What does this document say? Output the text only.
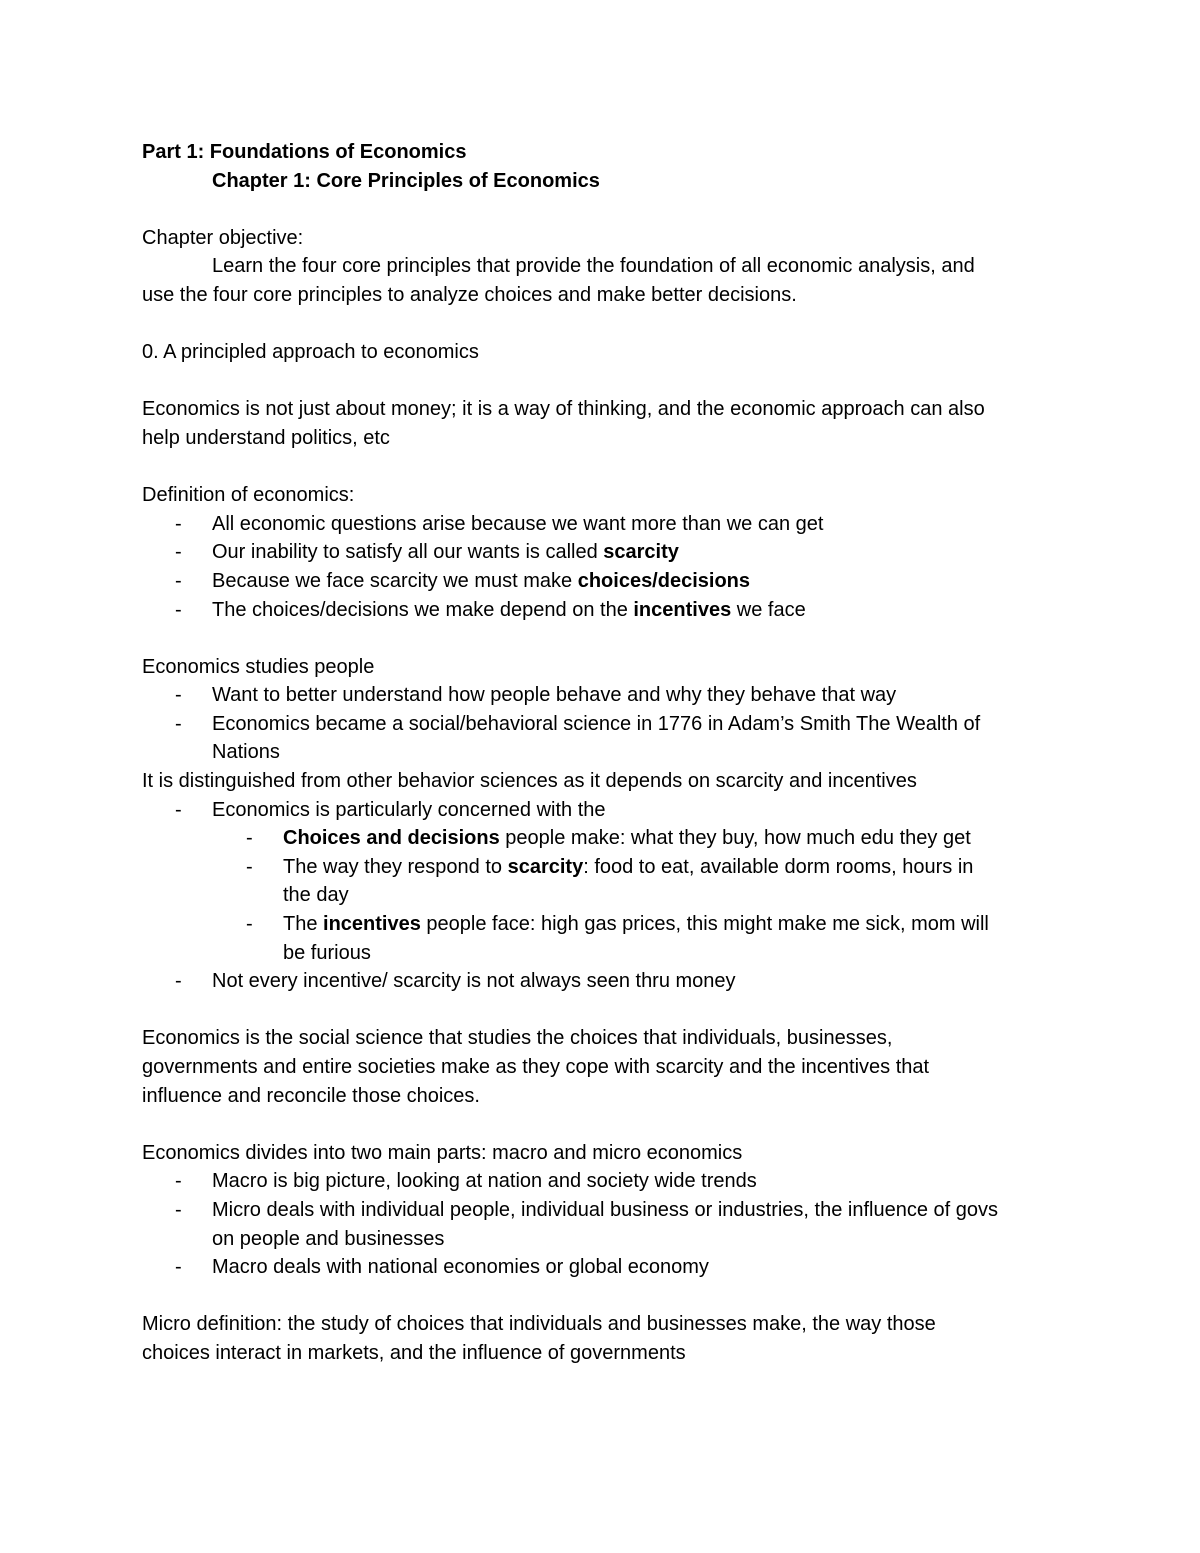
Part 1: Foundations of Economics

Chapter 1: Core Principles of Economics

Chapter objective:

Learn the four core principles that provide the foundation of all economic analysis, and

use the four core principles to analyze choices and make better decisions.

0. A principled approach to economics

Economics is not just about money; it is a way of thinking, and the economic approach can also

help understand politics, etc

Definition of economics:

-	All economic questions arise because we want more than we can get
-	Our inability to satisfy all our wants is called scarcity
-	Because we face scarcity we must make choices/decisions
-	The choices/decisions we make depend on the incentives we face

Economics studies people

-	Want to better understand how people behave and why they behave that way
-	Economics became a social/behavioral science in 1776 in Adam’s Smith The Wealth of
Nations

It is distinguished from other behavior sciences as it depends on scarcity and incentives

-	Economics is particularly concerned with the
-	Choices and decisions people make: what they buy, how much edu they get
-	The way they respond to scarcity: food to eat, available dorm rooms, hours in
the day
-	The incentives people face: high gas prices, this might make me sick, mom will
be furious
-	Not every incentive/ scarcity is not always seen thru money

Economics is the social science that studies the choices that individuals, businesses,

governments and entire societies make as they cope with scarcity and the incentives that

influence and reconcile those choices.

Economics divides into two main parts: macro and micro economics

-	Macro is big picture, looking at nation and society wide trends
-	Micro deals with individual people, individual business or industries, the influence of govs
on people and businesses
-	Macro deals with national economies or global economy

Micro definition: the study of choices that individuals and businesses make, the way those

choices interact in markets, and the influence of governments
